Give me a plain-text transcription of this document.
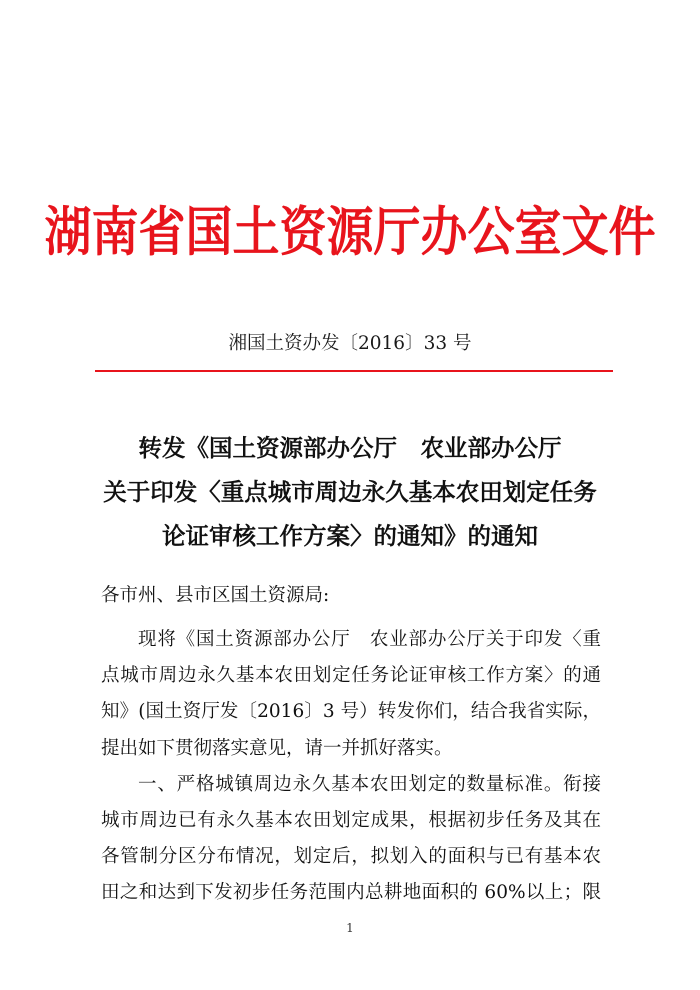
湖南省国土资源厅办公室文件
湘国土资办发〔2016〕33 号
转发《国土资源部办公厅　农业部办公厅
关于印发〈重点城市周边永久基本农田划定任务
论证审核工作方案〉的通知》的通知
各市州、县市区国土资源局:
现将《国土资源部办公厅　农业部办公厅关于印发〈重
点城市周边永久基本农田划定任务论证审核工作方案〉的通
知》(国土资厅发〔2016〕3 号）转发你们，结合我省实际，
提出如下贯彻落实意见，请一并抓好落实。
一、严格城镇周边永久基本农田划定的数量标准。衔接
城市周边已有永久基本农田划定成果，根据初步任务及其在
各管制分区分布情况，划定后，拟划入的面积与已有基本农
田之和达到下发初步任务范围内总耕地面积的 60%以上；限
1
